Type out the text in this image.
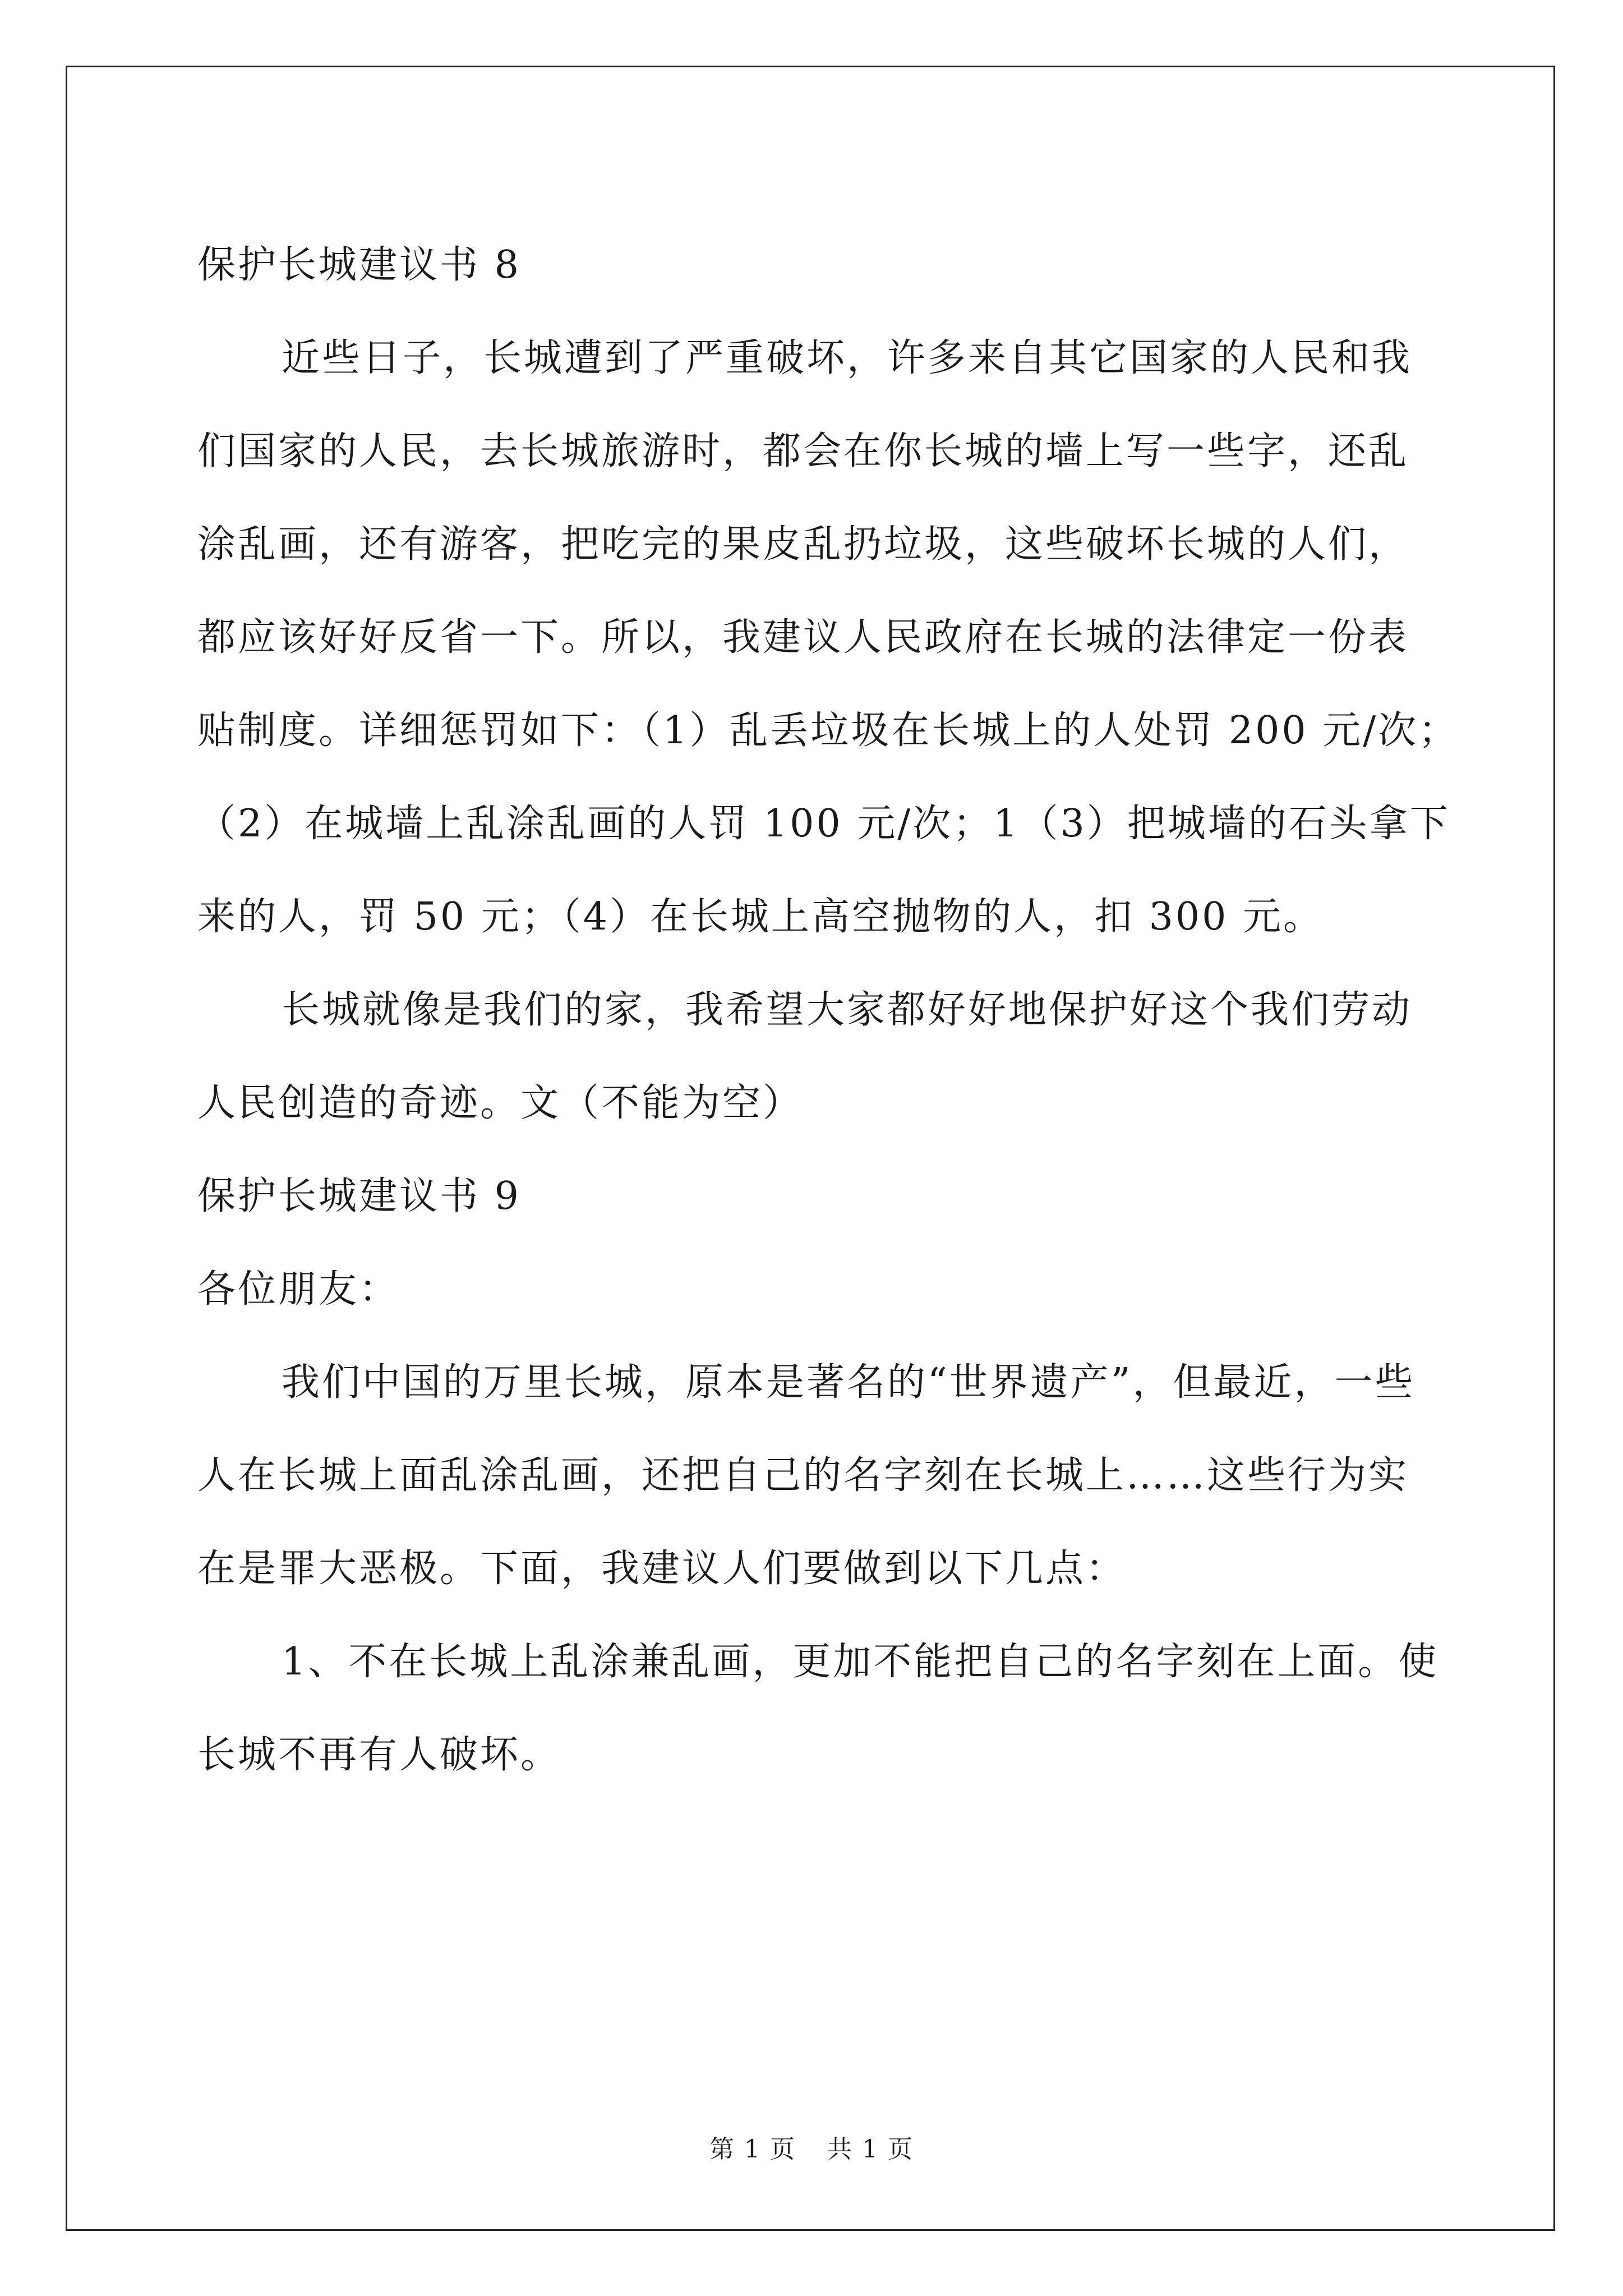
保护长城建议书 8
近些日子，长城遭到了严重破坏，许多来自其它国家的人民和我
们国家的人民，去长城旅游时，都会在你长城的墙上写一些字，还乱
涂乱画，还有游客，把吃完的果皮乱扔垃圾，这些破坏长城的人们，
都应该好好反省一下。所以，我建议人民政府在长城的法律定一份表
贴制度。详细惩罚如下：（1）乱丢垃圾在长城上的人处罚 200 元/次；
（2）在城墙上乱涂乱画的人罚 100 元/次；1（3）把城墙的石头拿下
来的人，罚 50 元；（4）在长城上高空抛物的人，扣 300 元。
长城就像是我们的家，我希望大家都好好地保护好这个我们劳动
人民创造的奇迹。文（不能为空）
保护长城建议书 9
各位朋友：
我们中国的万里长城，原本是著名的“世界遗产”，但最近，一些
人在长城上面乱涂乱画，还把自己的名字刻在长城上……这些行为实
在是罪大恶极。下面，我建议人们要做到以下几点：
1、不在长城上乱涂兼乱画，更加不能把自己的名字刻在上面。使
长城不再有人破坏。
第 1 页 共 1 页
